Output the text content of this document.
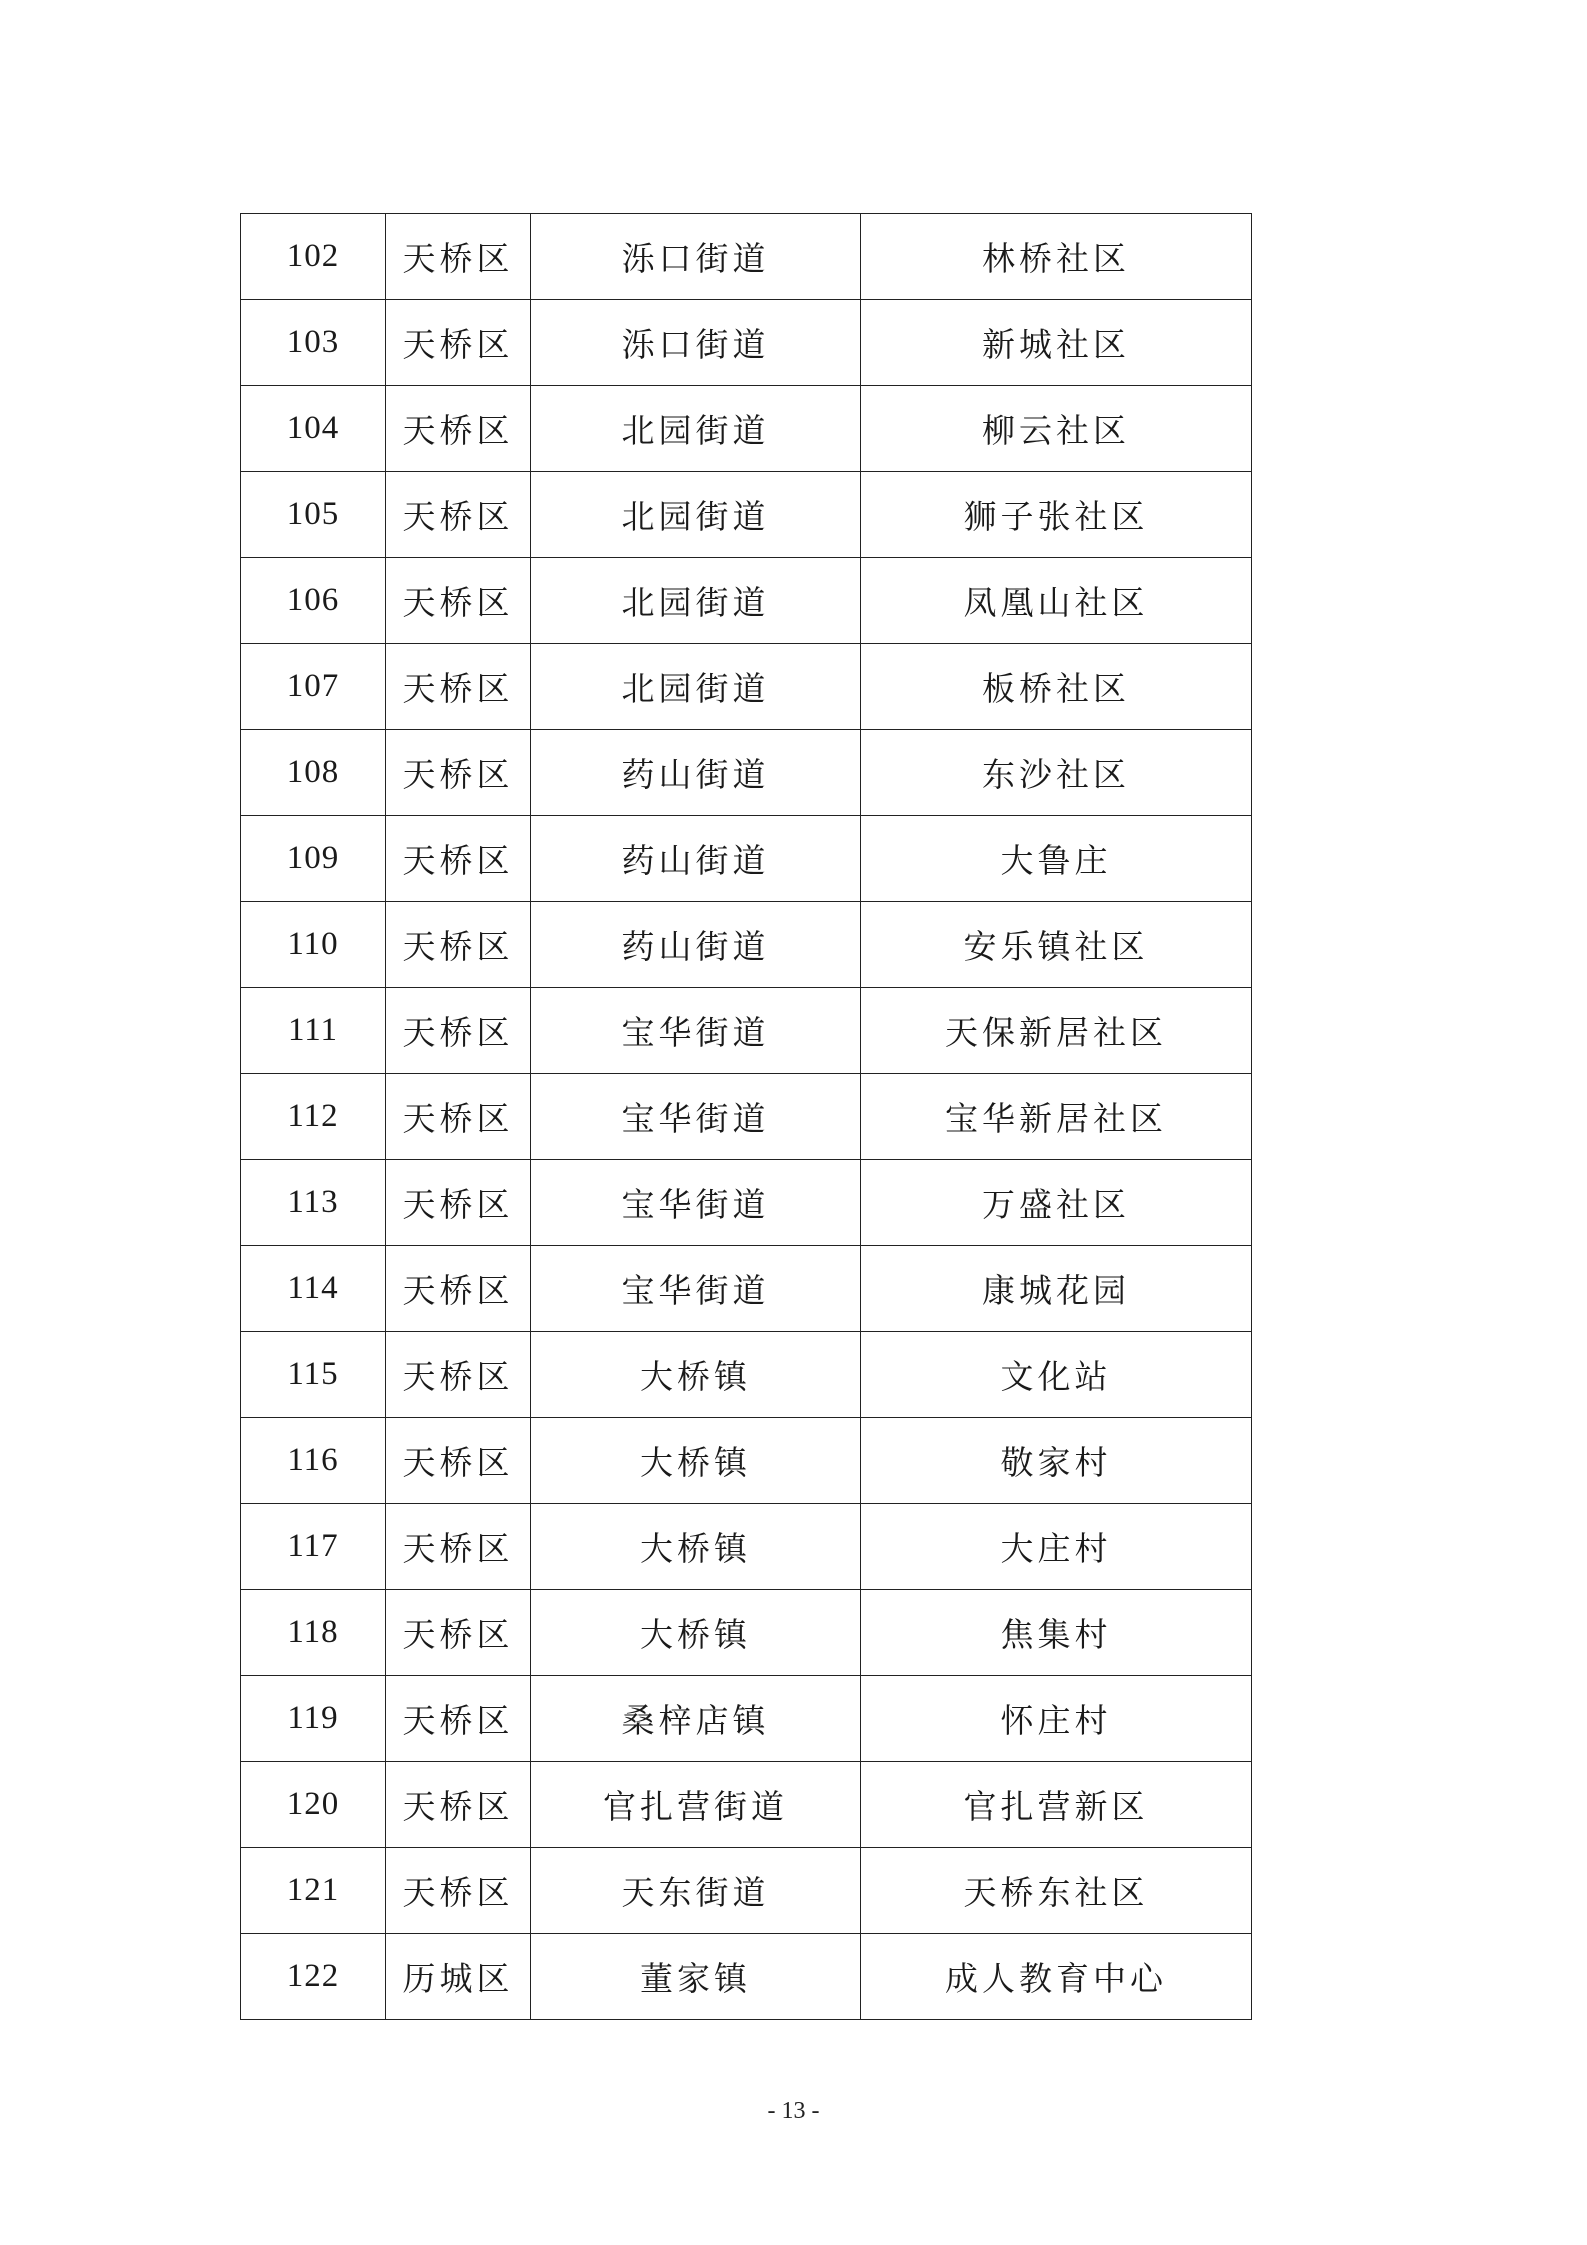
102	天桥区	泺口街道	林桥社区
103	天桥区	泺口街道	新城社区
104	天桥区	北园街道	柳云社区
105	天桥区	北园街道	狮子张社区
106	天桥区	北园街道	凤凰山社区
107	天桥区	北园街道	板桥社区
108	天桥区	药山街道	东沙社区
109	天桥区	药山街道	大鲁庄
110	天桥区	药山街道	安乐镇社区
111	天桥区	宝华街道	天保新居社区
112	天桥区	宝华街道	宝华新居社区
113	天桥区	宝华街道	万盛社区
114	天桥区	宝华街道	康城花园
115	天桥区	大桥镇	文化站
116	天桥区	大桥镇	敬家村
117	天桥区	大桥镇	大庄村
118	天桥区	大桥镇	焦集村
119	天桥区	桑梓店镇	怀庄村
120	天桥区	官扎营街道	官扎营新区
121	天桥区	天东街道	天桥东社区
122	历城区	董家镇	成人教育中心
- 13 -
